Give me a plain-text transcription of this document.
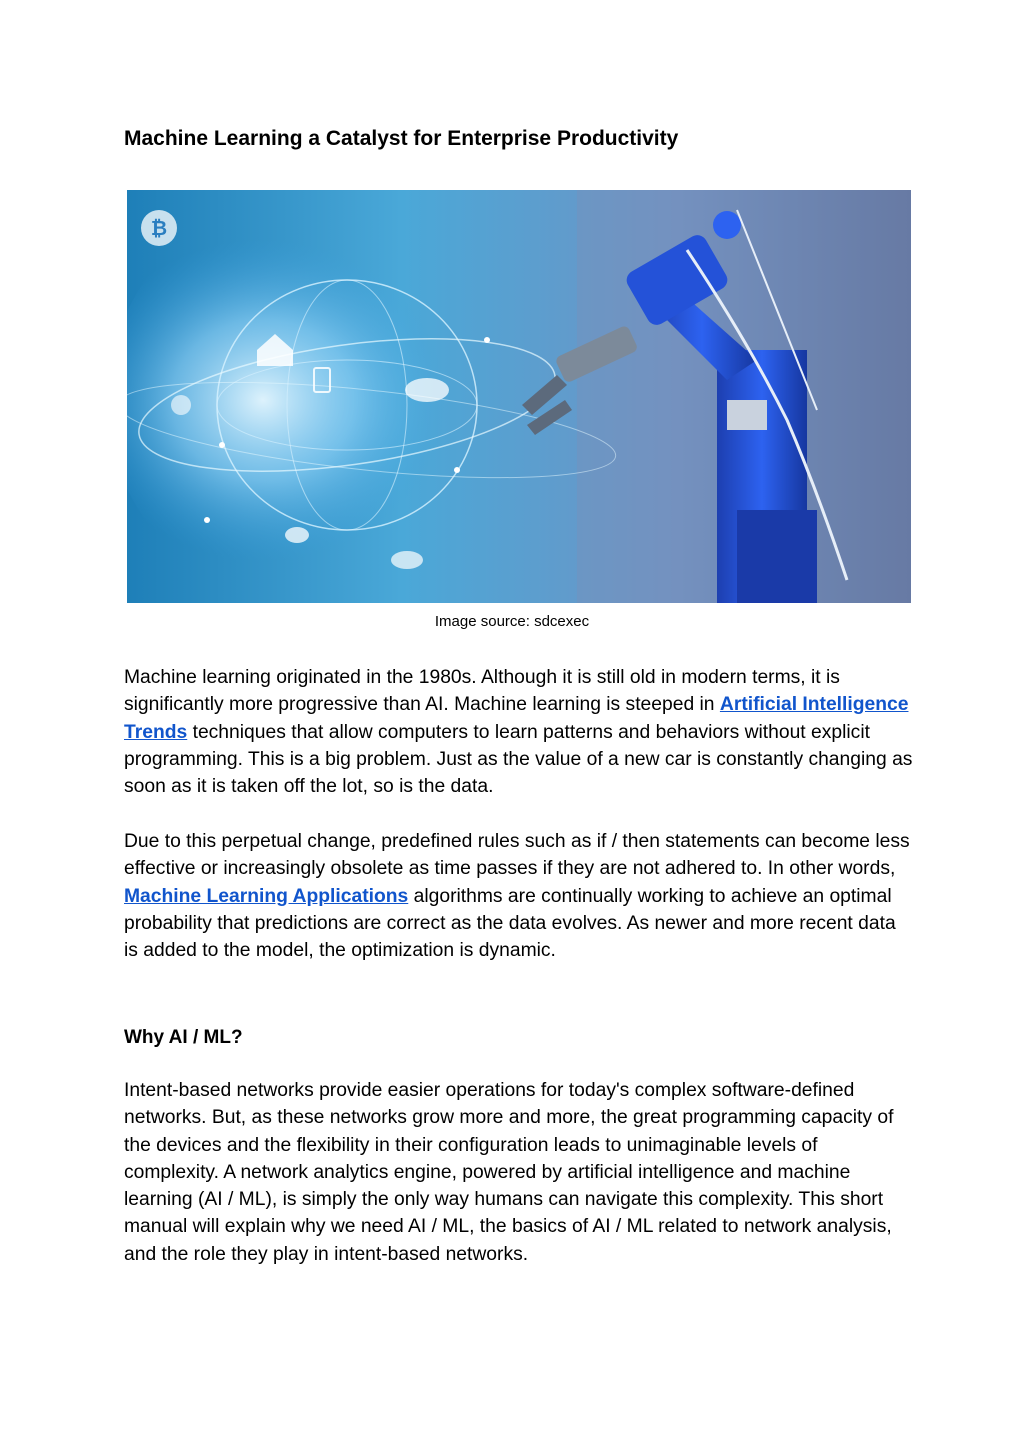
Machine Learning a Catalyst for Enterprise Productivity
₿
Image source: sdcexec

Machine learning originated in the 1980s. Although it is still old in modern terms, it is significantly more progressive than AI. Machine learning is steeped in Artificial Intelligence Trends techniques that allow computers to learn patterns and behaviors without explicit programming. This is a big problem. Just as the value of a new car is constantly changing as soon as it is taken off the lot, so is the data.

Due to this perpetual change, predefined rules such as if / then statements can become less effective or increasingly obsolete as time passes if they are not adhered to. In other words, Machine Learning Applications algorithms are continually working to achieve an optimal probability that predictions are correct as the data evolves. As newer and more recent data is added to the model, the optimization is dynamic.

Why AI / ML?

Intent-based networks provide easier operations for today's complex software-defined networks. But, as these networks grow more and more, the great programming capacity of the devices and the flexibility in their configuration leads to unimaginable levels of complexity. A network analytics engine, powered by artificial intelligence and machine learning (AI / ML), is simply the only way humans can navigate this complexity. This short manual will explain why we need AI / ML, the basics of AI / ML related to network analysis, and the role they play in intent-based networks.
